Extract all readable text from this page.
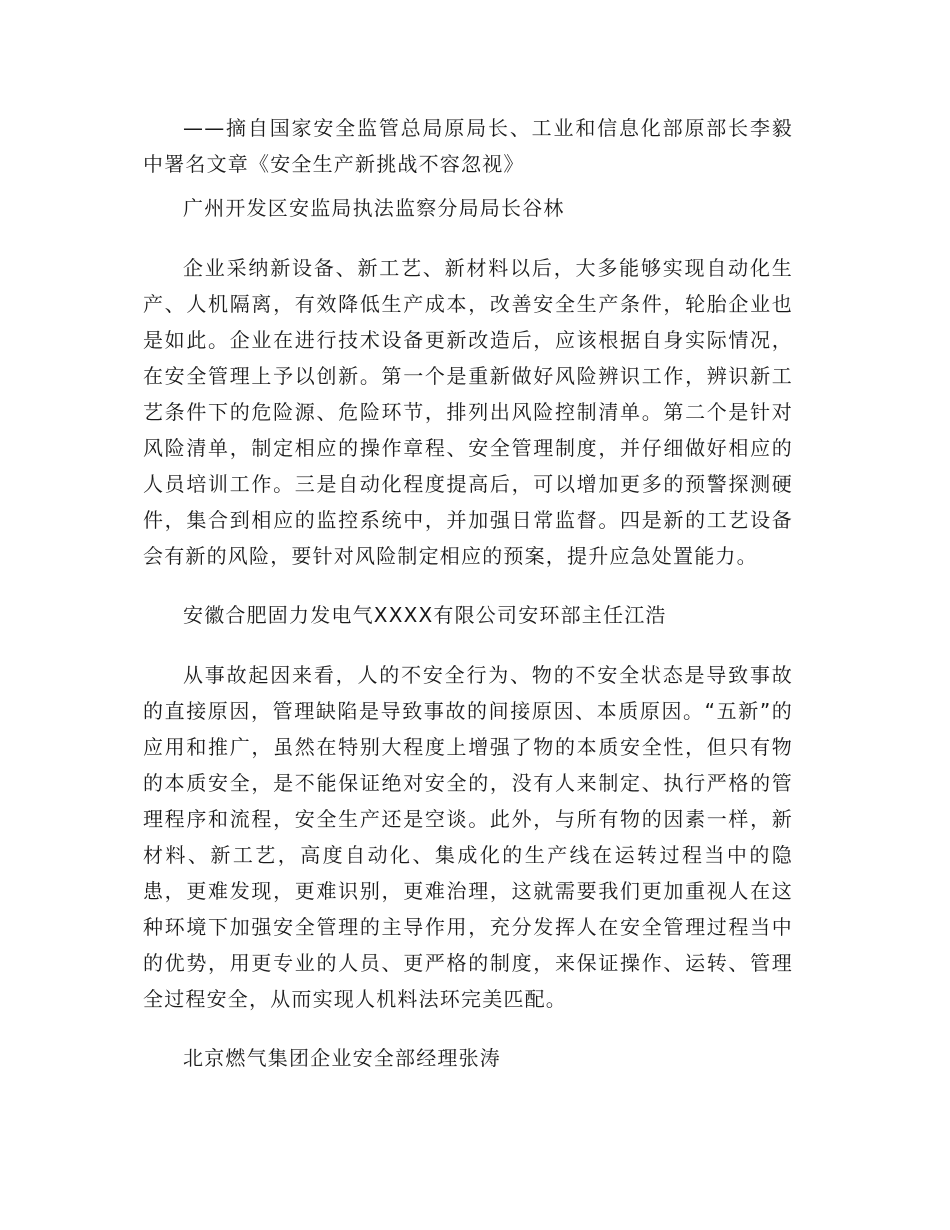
——摘自国家安全监管总局原局长、工业和信息化部原部长李毅中署名文章《安全生产新挑战不容忽视》

广州开发区安监局执法监察分局局长谷林

企业采纳新设备、新工艺、新材料以后，大多能够实现自动化生产、人机隔离，有效降低生产成本，改善安全生产条件，轮胎企业也是如此。企业在进行技术设备更新改造后，应该根据自身实际情况，在安全管理上予以创新。第一个是重新做好风险辨识工作，辨识新工艺条件下的危险源、危险环节，排列出风险控制清单。第二个是针对风险清单，制定相应的操作章程、安全管理制度，并仔细做好相应的人员培训工作。三是自动化程度提高后，可以增加更多的预警探测硬件，集合到相应的监控系统中，并加强日常监督。四是新的工艺设备会有新的风险，要针对风险制定相应的预案，提升应急处置能力。

安徽合肥固力发电气XXXX有限公司安环部主任江浩

从事故起因来看，人的不安全行为、物的不安全状态是导致事故的直接原因，管理缺陷是导致事故的间接原因、本质原因。“五新”的应用和推广，虽然在特别大程度上增强了物的本质安全性，但只有物的本质安全，是不能保证绝对安全的，没有人来制定、执行严格的管理程序和流程，安全生产还是空谈。此外，与所有物的因素一样，新材料、新工艺，高度自动化、集成化的生产线在运转过程当中的隐患，更难发现，更难识别，更难治理，这就需要我们更加重视人在这种环境下加强安全管理的主导作用，充分发挥人在安全管理过程当中的优势，用更专业的人员、更严格的制度，来保证操作、运转、管理全过程安全，从而实现人机料法环完美匹配。

北京燃气集团企业安全部经理张涛
